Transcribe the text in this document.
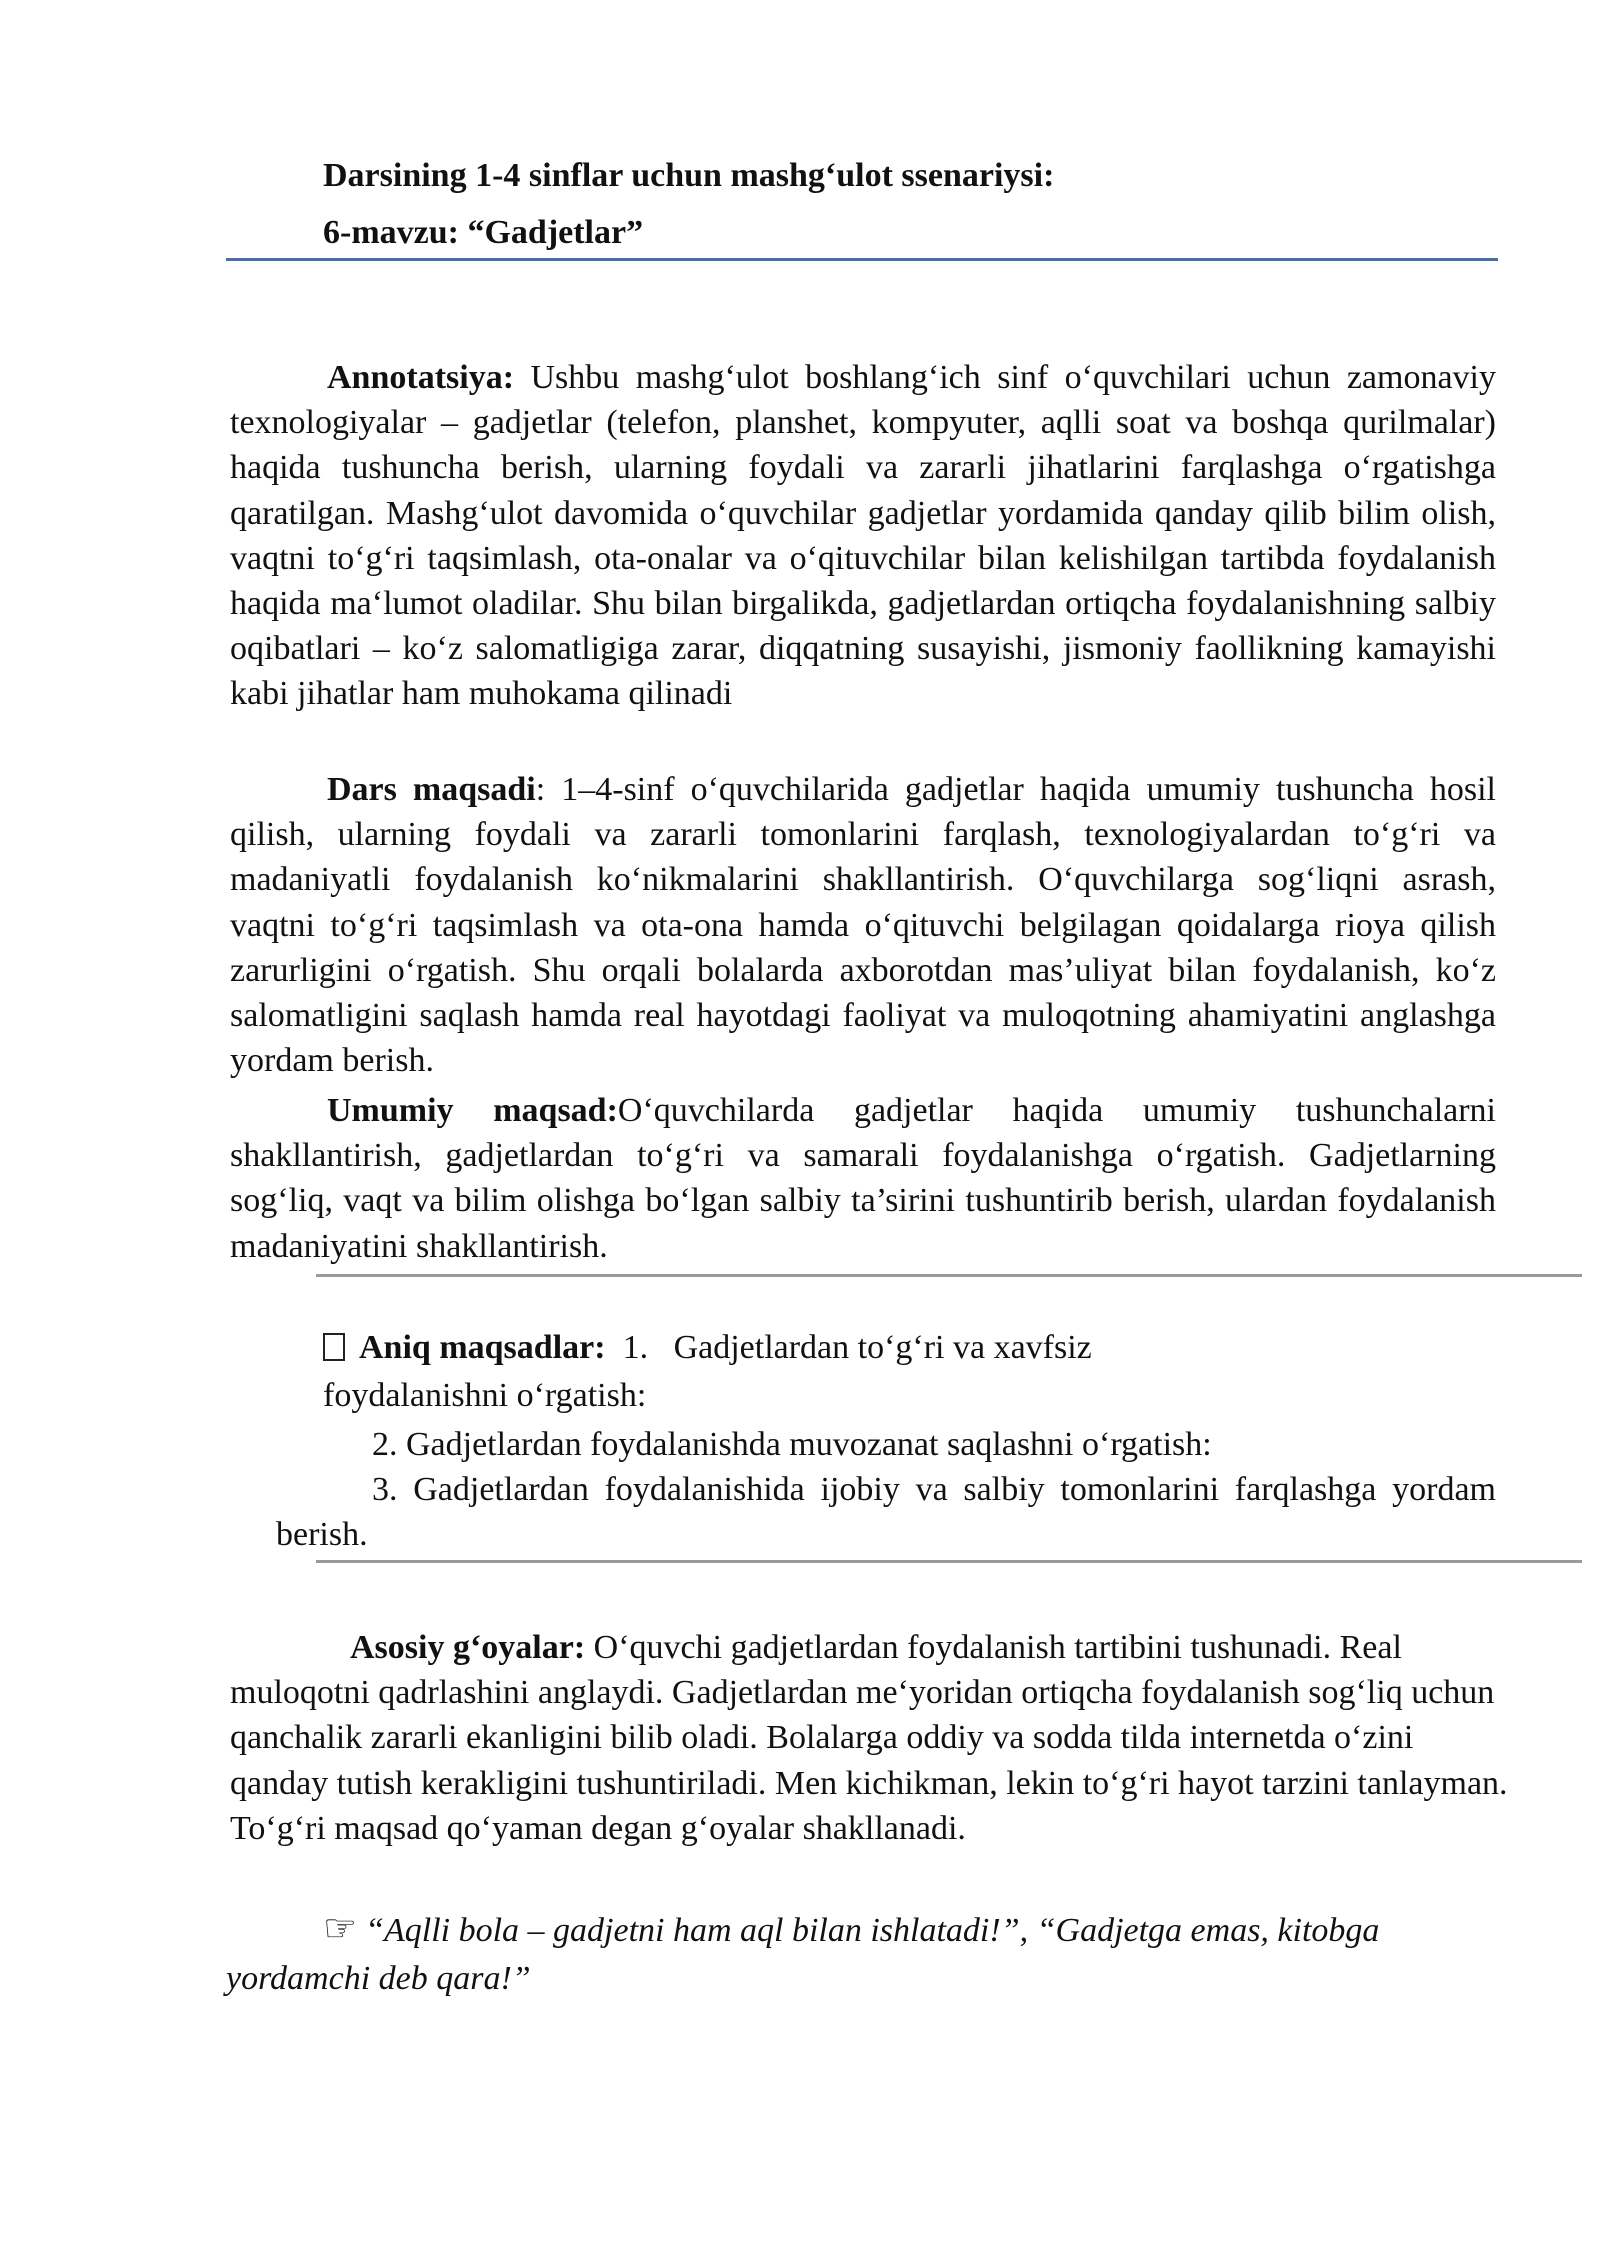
Darsining 1-4 sinflar uchun mashg‘ulot ssenariysi:
6-mavzu: “Gadjetlar”
Annotatsiya: Ushbu mashg‘ulot boshlang‘ich sinf o‘quvchilari uchun zamonaviy texnologiyalar – gadjetlar (telefon, planshet, kompyuter, aqlli soat va boshqa qurilmalar) haqida tushuncha berish, ularning foydali va zararli jihatlarini farqlashga o‘rgatishga qaratilgan. Mashg‘ulot davomida o‘quvchilar gadjetlar yordamida qanday qilib bilim olish, vaqtni to‘g‘ri taqsimlash, ota-onalar va o‘qituvchilar bilan kelishilgan tartibda foydalanish haqida ma‘lumot oladilar. Shu bilan birgalikda, gadjetlardan ortiqcha foydalanishning salbiy oqibatlari – ko‘z salomatligiga zarar, diqqatning susayishi, jismoniy faollikning kamayishi kabi jihatlar ham muhokama qilinadi
Dars maqsadi: 1–4-sinf o‘quvchilarida gadjetlar haqida umumiy tushuncha hosil qilish, ularning foydali va zararli tomonlarini farqlash, texnologiyalardan to‘g‘ri va madaniyatli foydalanish ko‘nikmalarini shakllantirish. O‘quvchilarga sog‘liqni asrash, vaqtni to‘g‘ri taqsimlash va ota-ona hamda o‘qituvchi belgilagan qoidalarga rioya qilish zarurligini o‘rgatish. Shu orqali bolalarda axborotdan mas’uliyat bilan foydalanish, ko‘z salomatligini saqlash hamda real hayotdagi faoliyat va muloqotning ahamiyatini anglashga yordam berish.
Umumiy maqsad:O‘quvchilarda gadjetlar haqida umumiy tushunchalarni shakllantirish, gadjetlardan to‘g‘ri va samarali foydalanishga o‘rgatish. Gadjetlarning sog‘liq, vaqt va bilim olishga bo‘lgan salbiy ta’sirini tushuntirib berish, ulardan foydalanish madaniyatini shakllantirish.
Aniq maqsadlar: 1. Gadjetlardan to‘g‘ri va xavfsiz
foydalanishni o‘rgatish:
2. Gadjetlardan foydalanishda muvozanat saqlashni o‘rgatish:
3. Gadjetlardan foydalanishida ijobiy va salbiy tomonlarini farqlashga yordam berish.
Asosiy g‘oyalar: O‘quvchi gadjetlardan foydalanish tartibini tushunadi. Real muloqotni qadrlashini anglaydi. Gadjetlardan me‘yoridan ortiqcha foydalanish sog‘liq uchun qanchalik zararli ekanligini bilib oladi. Bolalarga oddiy va sodda tilda internetda o‘zini qanday tutish kerakligini tushuntiriladi. Men kichikman, lekin to‘g‘ri hayot tarzini tanlayman. To‘g‘ri maqsad qo‘yaman degan g‘oyalar shakllanadi.
☞ “Aqlli bola – gadjetni ham aql bilan ishlatadi!”, “Gadjetga emas, kitobga yordamchi deb qara!”
